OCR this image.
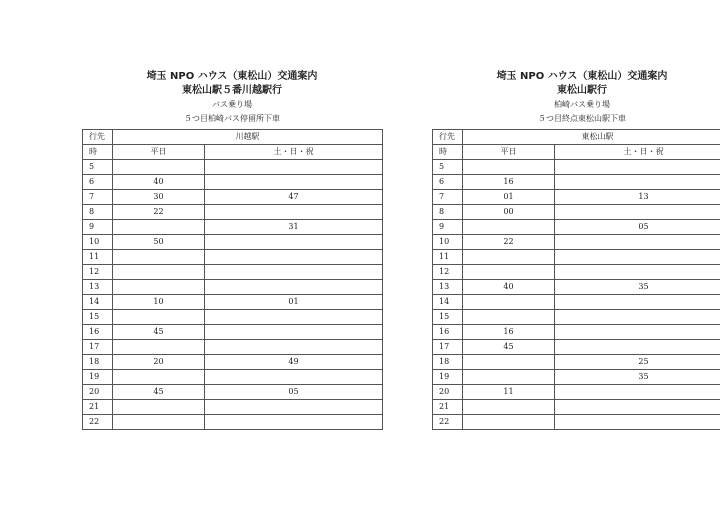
埼玉 NPO ハウス（東松山）交通案内
東松山駅５番川越駅行
バス乗り場
５つ目柏崎バス停留所下車
行先	川越駅	
時	平日	土・日・祝
5		
6	40	
7	30	47
8	22	
9		31
10	50	
11		
12		
13		
14	10	01
15		
16	45	
17		
18	20	49
19		
20	45	05
21		
22		
埼玉 NPO ハウス（東松山）交通案内
東松山駅行
柏崎バス乗り場
５つ目終点東松山駅下車
行先	東松山駅	
時	平日	土・日・祝
5		
6	16	
7	01	13
8	00	
9		05
10	22	
11		
12		
13	40	35
14		
15		
16	16	
17	45	
18		25
19		35
20	11	
21		
22		
